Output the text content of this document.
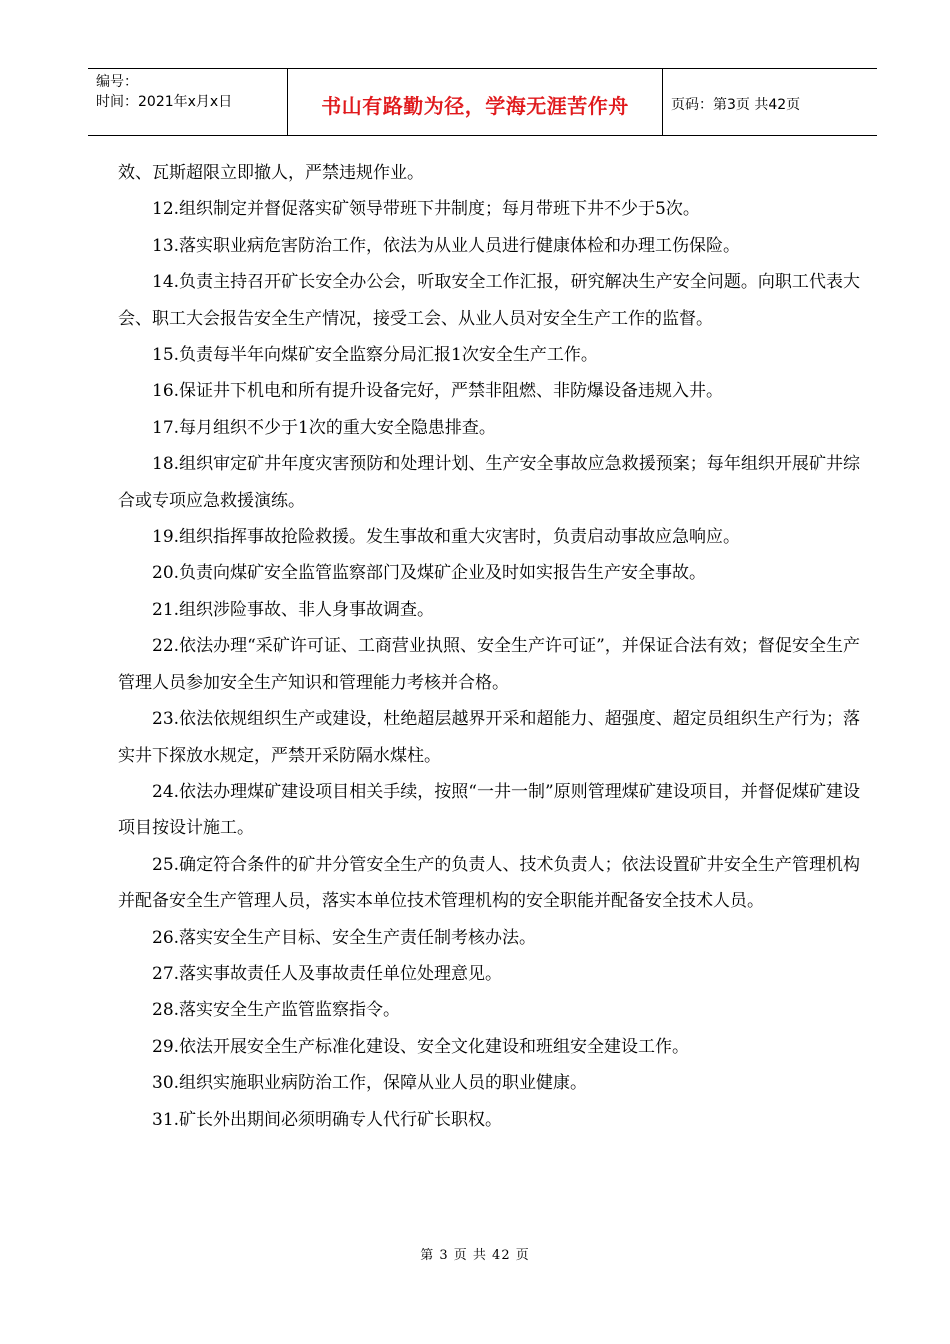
编号：
时间：2021年x月x日	书山有路勤为径，学海无涯苦作舟	页码：第3页 共42页

效、瓦斯超限立即撤人，严禁违规作业。

12.组织制定并督促落实矿领导带班下井制度；每月带班下井不少于5次。

13.落实职业病危害防治工作，依法为从业人员进行健康体检和办理工伤保险。

14.负责主持召开矿长安全办公会，听取安全工作汇报，研究解决生产安全问题。向职工代表大会、职工大会报告安全生产情况，接受工会、从业人员对安全生产工作的监督。

15.负责每半年向煤矿安全监察分局汇报1次安全生产工作。

16.保证井下机电和所有提升设备完好，严禁非阻燃、非防爆设备违规入井。

17.每月组织不少于1次的重大安全隐患排查。

18.组织审定矿井年度灾害预防和处理计划、生产安全事故应急救援预案；每年组织开展矿井综合或专项应急救援演练。

19.组织指挥事故抢险救援。发生事故和重大灾害时，负责启动事故应急响应。

20.负责向煤矿安全监管监察部门及煤矿企业及时如实报告生产安全事故。

21.组织涉险事故、非人身事故调查。

22.依法办理“采矿许可证、工商营业执照、安全生产许可证”，并保证合法有效；督促安全生产管理人员参加安全生产知识和管理能力考核并合格。

23.依法依规组织生产或建设，杜绝超层越界开采和超能力、超强度、超定员组织生产行为；落实井下探放水规定，严禁开采防隔水煤柱。

24.依法办理煤矿建设项目相关手续，按照“一井一制”原则管理煤矿建设项目，并督促煤矿建设项目按设计施工。

25.确定符合条件的矿井分管安全生产的负责人、技术负责人；依法设置矿井安全生产管理机构并配备安全生产管理人员，落实本单位技术管理机构的安全职能并配备安全技术人员。

26.落实安全生产目标、安全生产责任制考核办法。

27.落实事故责任人及事故责任单位处理意见。

28.落实安全生产监管监察指令。

29.依法开展安全生产标准化建设、安全文化建设和班组安全建设工作。

30.组织实施职业病防治工作，保障从业人员的职业健康。

31.矿长外出期间必须明确专人代行矿长职权。

第 3 页 共 42 页
